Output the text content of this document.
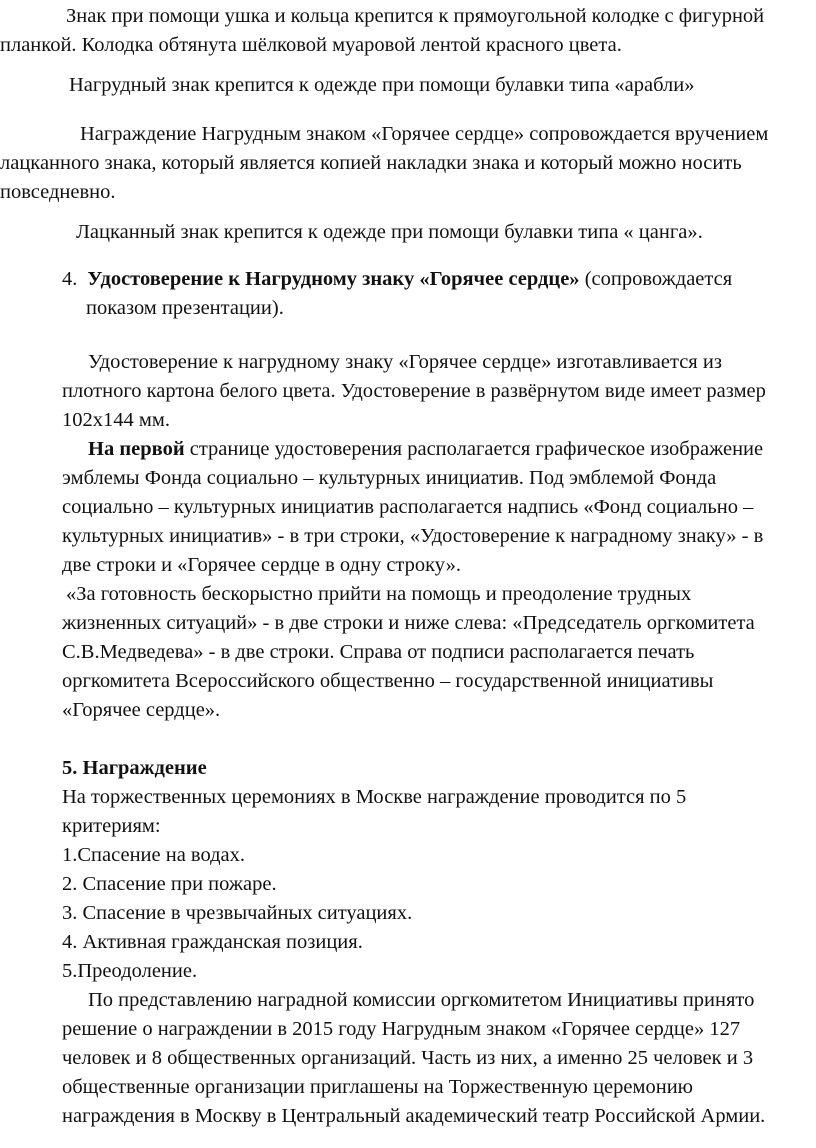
Знак при помощи ушка и кольца крепится к прямоугольной колодке с фигурной
планкой. Колодка обтянута шёлковой муаровой лентой красного цвета.
Нагрудный знак крепится к одежде при помощи булавки типа «арабли»
Награждение Нагрудным знаком «Горячее сердце» сопровождается вручением
лацканного знака, который является копией накладки знака и который можно носить
повседневно.
Лацканный знак крепится к одежде при помощи булавки типа « цанга».
4. Удостоверение к Нагрудному знаку «Горячее сердце» (сопровождается
показом презентации).
Удостоверение к нагрудному знаку «Горячее сердце» изготавливается из
плотного картона белого цвета. Удостоверение в развёрнутом виде имеет размер
102х144 мм.
На первой странице удостоверения располагается графическое изображение
эмблемы Фонда социально – культурных инициатив. Под эмблемой Фонда
социально – культурных инициатив располагается надпись «Фонд социально –
культурных инициатив» - в три строки, «Удостоверение к наградному знаку» - в
две строки и «Горячее сердце в одну строку».
«За готовность бескорыстно прийти на помощь и преодоление трудных
жизненных ситуаций» - в две строки и ниже слева: «Председатель оргкомитета
С.В.Медведева» - в две строки. Справа от подписи располагается печать
оргкомитета Всероссийского общественно – государственной инициативы
«Горячее сердце».
5. Награждение
На торжественных церемониях в Москве награждение проводится по 5
критериям:
1.Спасение на водах.
2. Спасение при пожаре.
3. Спасение в чрезвычайных ситуациях.
4. Активная гражданская позиция.
5.Преодоление.
По представлению наградной комиссии оргкомитетом Инициативы принято
решение о награждении в 2015 году Нагрудным знаком «Горячее сердце» 127
человек и 8 общественных организаций. Часть из них, а именно 25 человек и 3
общественные организации приглашены на Торжественную церемонию
награждения в Москву в Центральный академический театр Российской Армии.
